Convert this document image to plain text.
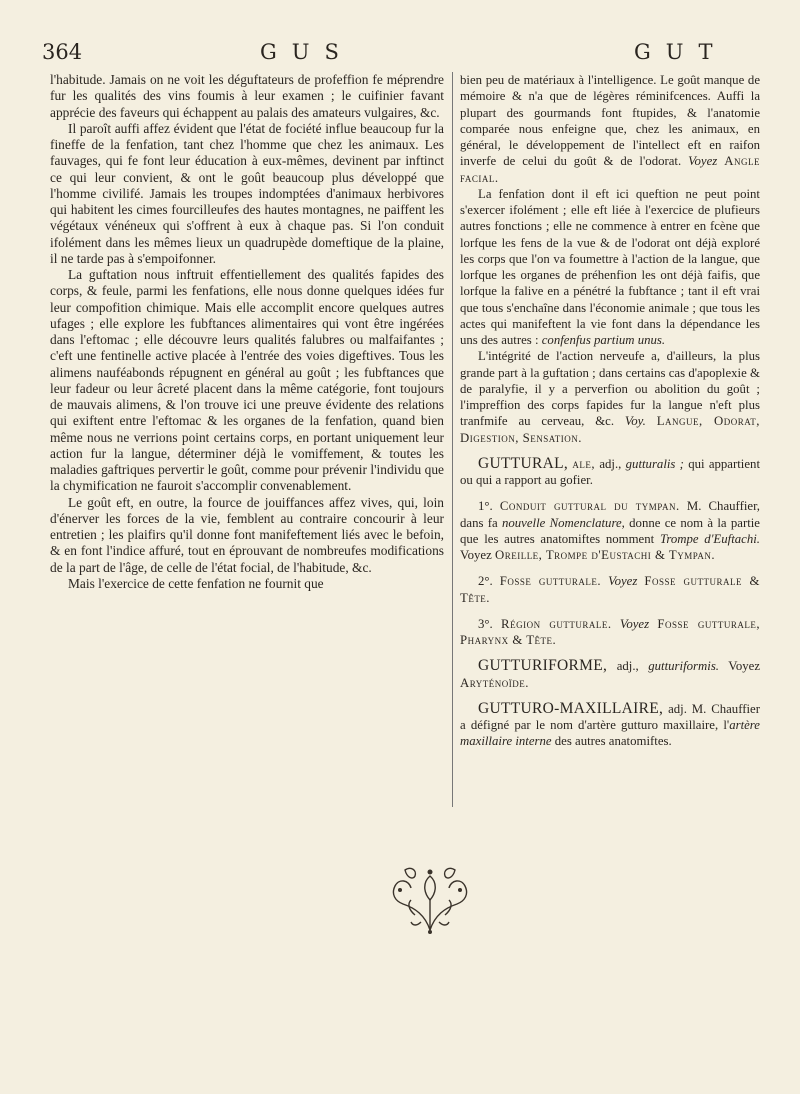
364	GUS	GUT

l'habitude. Jamais on ne voit les déguftateurs de profeffion fe méprendre fur les qualités des vins foumis à leur examen ; le cuifinier favant apprécie des faveurs qui échappent au palais des amateurs vulgaires, &c.

Il paroît auffi affez évident que l'état de fociété influe beaucoup fur la fineffe de la fenfation, tant chez l'homme que chez les animaux. Les fauvages, qui fe font leur éducation à eux-mêmes, devinent par inftinct ce qui leur convient, & ont le goût beaucoup plus développé que l'homme civilifé. Jamais les troupes indomptées d'animaux herbivores qui habitent les cimes fourcilleufes des hautes montagnes, ne paiffent les végétaux vénéneux qui s'offrent à eux à chaque pas. Si l'on conduit ifolément dans les mêmes lieux un quadrupède domeftique de la plaine, il ne tarde pas à s'empoifonner.

La guftation nous inftruit effentiellement des qualités fapides des corps, & feule, parmi les fenfations, elle nous donne quelques idées fur leur compofition chimique. Mais elle accomplit encore quelques autres ufages ; elle explore les fubftances alimentaires qui vont être ingérées dans l'eftomac ; elle découvre leurs qualités falubres ou malfaifantes ; c'eft une fentinelle active placée à l'entrée des voies digeftives. Tous les alimens nauféabonds répugnent en général au goût ; les fubftances que leur fadeur ou leur âcreté placent dans la même catégorie, font toujours de mauvais alimens, & l'on trouve ici une preuve évidente des relations qui exiftent entre l'eftomac & les organes de la fenfation, quand bien même nous ne verrions point certains corps, en portant uniquement leur action fur la langue, déterminer déjà le vomiffement, & toutes les maladies gaftriques pervertir le goût, comme pour prévenir l'individu que la chymification ne fauroit s'accomplir convenablement.

Le goût eft, en outre, la fource de jouiffances affez vives, qui, loin d'énerver les forces de la vie, femblent au contraire concourir à leur entretien ; les plaifirs qu'il donne font manifeftement liés avec le befoin, & en font l'indice affuré, tout en éprouvant de nombreufes modifications de la part de l'âge, de celle de l'état focial, de l'habitude, &c.

Mais l'exercice de cette fenfation ne fournit que

bien peu de matériaux à l'intelligence. Le goût manque de mémoire & n'a que de légères réminifcences. Auffi la plupart des gourmands font ftupides, & l'anatomie comparée nous enfeigne que, chez les animaux, en général, le développement de l'intellect eft en raifon inverfe de celui du goût & de l'odorat. Voyez Angle facial.

La fenfation dont il eft ici queftion ne peut point s'exercer ifolément ; elle eft liée à l'exercice de plufieurs autres fonctions ; elle ne commence à entrer en fcène que lorfque les fens de la vue & de l'odorat ont déjà exploré les corps que l'on va foumettre à l'action de la langue, que lorfque les organes de préhenfion les ont déjà faifis, que lorfque la falive en a pénétré la fubftance ; tant il eft vrai que tous s'enchaîne dans l'économie animale ; que tous les actes qui manifeftent la vie font dans la dépendance les uns des autres : confenfus partium unus.

L'intégrité de l'action nerveufe a, d'ailleurs, la plus grande part à la guftation ; dans certains cas d'apoplexie & de paralyfie, il y a perverfion ou abolition du goût ; l'impreffion des corps fapides fur la langue n'eft plus tranfmife au cerveau, &c. Voy. Langue, Odorat, Digestion, Sensation.

GUTTURAL, ale, adj., gutturalis ; qui appartient ou qui a rapport au gofier.

1°. Conduit guttural du tympan. M. Chauffier, dans fa nouvelle Nomenclature, donne ce nom à la partie que les autres anatomiftes nomment Trompe d'Euftachi. Voyez Oreille, Trompe d'Eustachi & Tympan.

2°. Fosse gutturale. Voyez Fosse gutturale & Tête.

3°. Région gutturale. Voyez Fosse gutturale, Pharynx & Tête.

GUTTURIFORME, adj., gutturiformis. Voyez Aryténoïde.

GUTTURO-MAXILLAIRE, adj. M. Chauffier a défigné par le nom d'artère gutturo maxillaire, l'artère maxillaire interne des autres anatomiftes.
